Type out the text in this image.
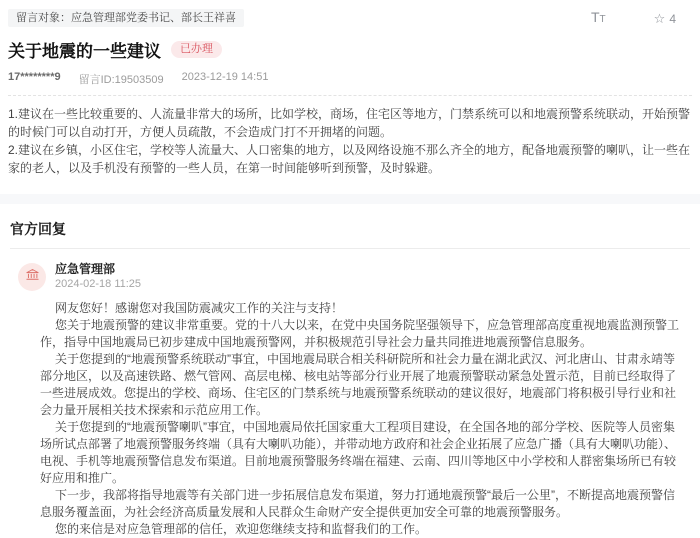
留言对象：应急管理部党委书记、部长王祥喜	TT	☆ 4
关于地震的一些建议	已办理
17********9 留言ID:19503509 2023-12-19 14:51

1.建议在一些比较重要的、人流量非常大的场所，比如学校，商场，住宅区等地方，门禁系统可以和地震预警系统联动，开始预警的时候门可以自动打开，方便人员疏散，不会造成门打不开拥堵的问题。

2.建议在乡镇，小区住宅，学校等人流量大、人口密集的地方，以及网络设施不那么齐全的地方，配备地震预警的喇叭，让一些在家的老人，以及手机没有预警的一些人员，在第一时间能够听到预警，及时躲避。

官方回复
应急管理部
2024-02-18 11:25

网友您好！感谢您对我国防震减灾工作的关注与支持！

您关于地震预警的建议非常重要。党的十八大以来，在党中央国务院坚强领导下，应急管理部高度重视地震监测预警工作，指导中国地震局已初步建成中国地震预警网，并积极规范引导社会力量共同推进地震预警信息服务。

关于您提到的“地震预警系统联动”事宜，中国地震局联合相关科研院所和社会力量在湖北武汉、河北唐山、甘肃永靖等部分地区，以及高速铁路、燃气管网、高层电梯、核电站等部分行业开展了地震预警联动紧急处置示范，目前已经取得了一些进展成效。您提出的学校、商场、住宅区的门禁系统与地震预警系统联动的建议很好，地震部门将积极引导行业和社会力量开展相关技术探索和示范应用工作。

关于您提到的“地震预警喇叭”事宜，中国地震局依托国家重大工程项目建设，在全国各地的部分学校、医院等人员密集场所试点部署了地震预警服务终端（具有大喇叭功能），并带动地方政府和社会企业拓展了应急广播（具有大喇叭功能）、电视、手机等地震预警信息发布渠道。目前地震预警服务终端在福建、云南、四川等地区中小学校和人群密集场所已有较好应用和推广。

下一步，我部将指导地震等有关部门进一步拓展信息发布渠道，努力打通地震预警“最后一公里”，不断提高地震预警信息服务覆盖面，为社会经济高质量发展和人民群众生命财产安全提供更加安全可靠的地震预警服务。

您的来信是对应急管理部的信任，欢迎您继续支持和监督我们的工作。
